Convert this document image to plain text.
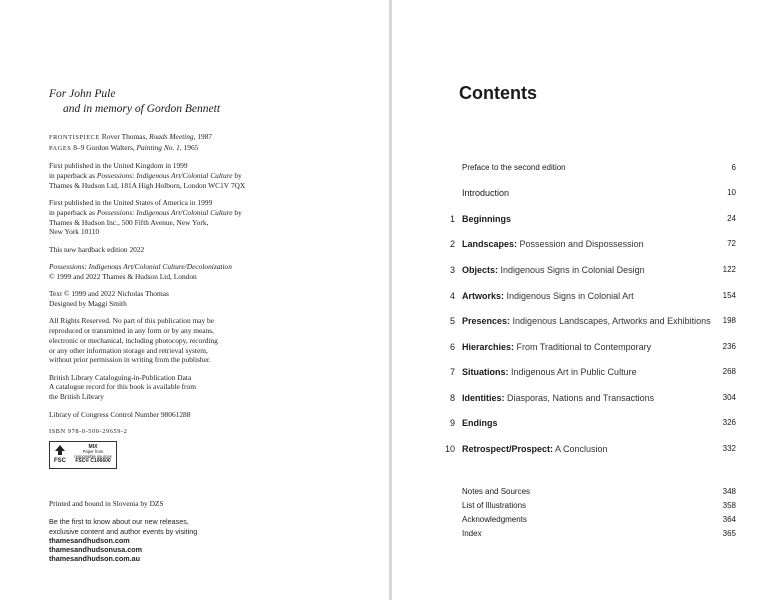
For John Pule
and in memory of Gordon Bennett
FRONTISPIECE Rover Thomas, Roads Meeting, 1987
PAGES 8–9 Gordon Walters, Painting No. 1, 1965
First published in the United Kingdom in 1999
in paperback as Possessions: Indigenous Art/Colonial Culture by
Thames & Hudson Ltd, 181A High Holborn, London WC1V 7QX
First published in the United States of America in 1999
in paperback as Possessions: Indigenous Art/Colonial Culture by
Thames & Hudson Inc., 500 Fifth Avenue, New York,
New York 10110
This new hardback edition 2022
Possessions: Indigenous Art/Colonial Culture/Decolonization
© 1999 and 2022 Thames & Hudson Ltd, London
Text © 1999 and 2022 Nicholas Thomas
Designed by Maggi Smith
All Rights Reserved. No part of this publication may be
reproduced or transmitted in any form or by any means,
electronic or mechanical, including photocopy, recording
or any other information storage and retrieval system,
without prior permission in writing from the publisher.
British Library Cataloguing-in-Publication Data
A catalogue record for this book is available from
the British Library
Library of Congress Control Number 98061288
ISBN 978-0-500-29659-2
FSC
MIX
Paper from
responsible sources
FSC® C106600
Printed and bound in Slovenia by DZS
Be the first to know about our new releases,
exclusive content and author events by visiting
thamesandhudson.com
thamesandhudsonusa.com
thamesandhudson.com.au
Contents
Preface to the second edition	6
Introduction	10
1 Beginnings	24
2 Landscapes: Possession and Dispossession	72
3 Objects: Indigenous Signs in Colonial Design	122
4 Artworks: Indigenous Signs in Colonial Art	154
5 Presences: Indigenous Landscapes, Artworks and Exhibitions 198
6 Hierarchies: From Traditional to Contemporary	236
7 Situations: Indigenous Art in Public Culture	268
8 Identities: Diasporas, Nations and Transactions	304
9 Endings	326
10 Retrospect/Prospect: A Conclusion	332
Notes and Sources	348
List of Illustrations	358
Acknowledgments	364
Index	365
